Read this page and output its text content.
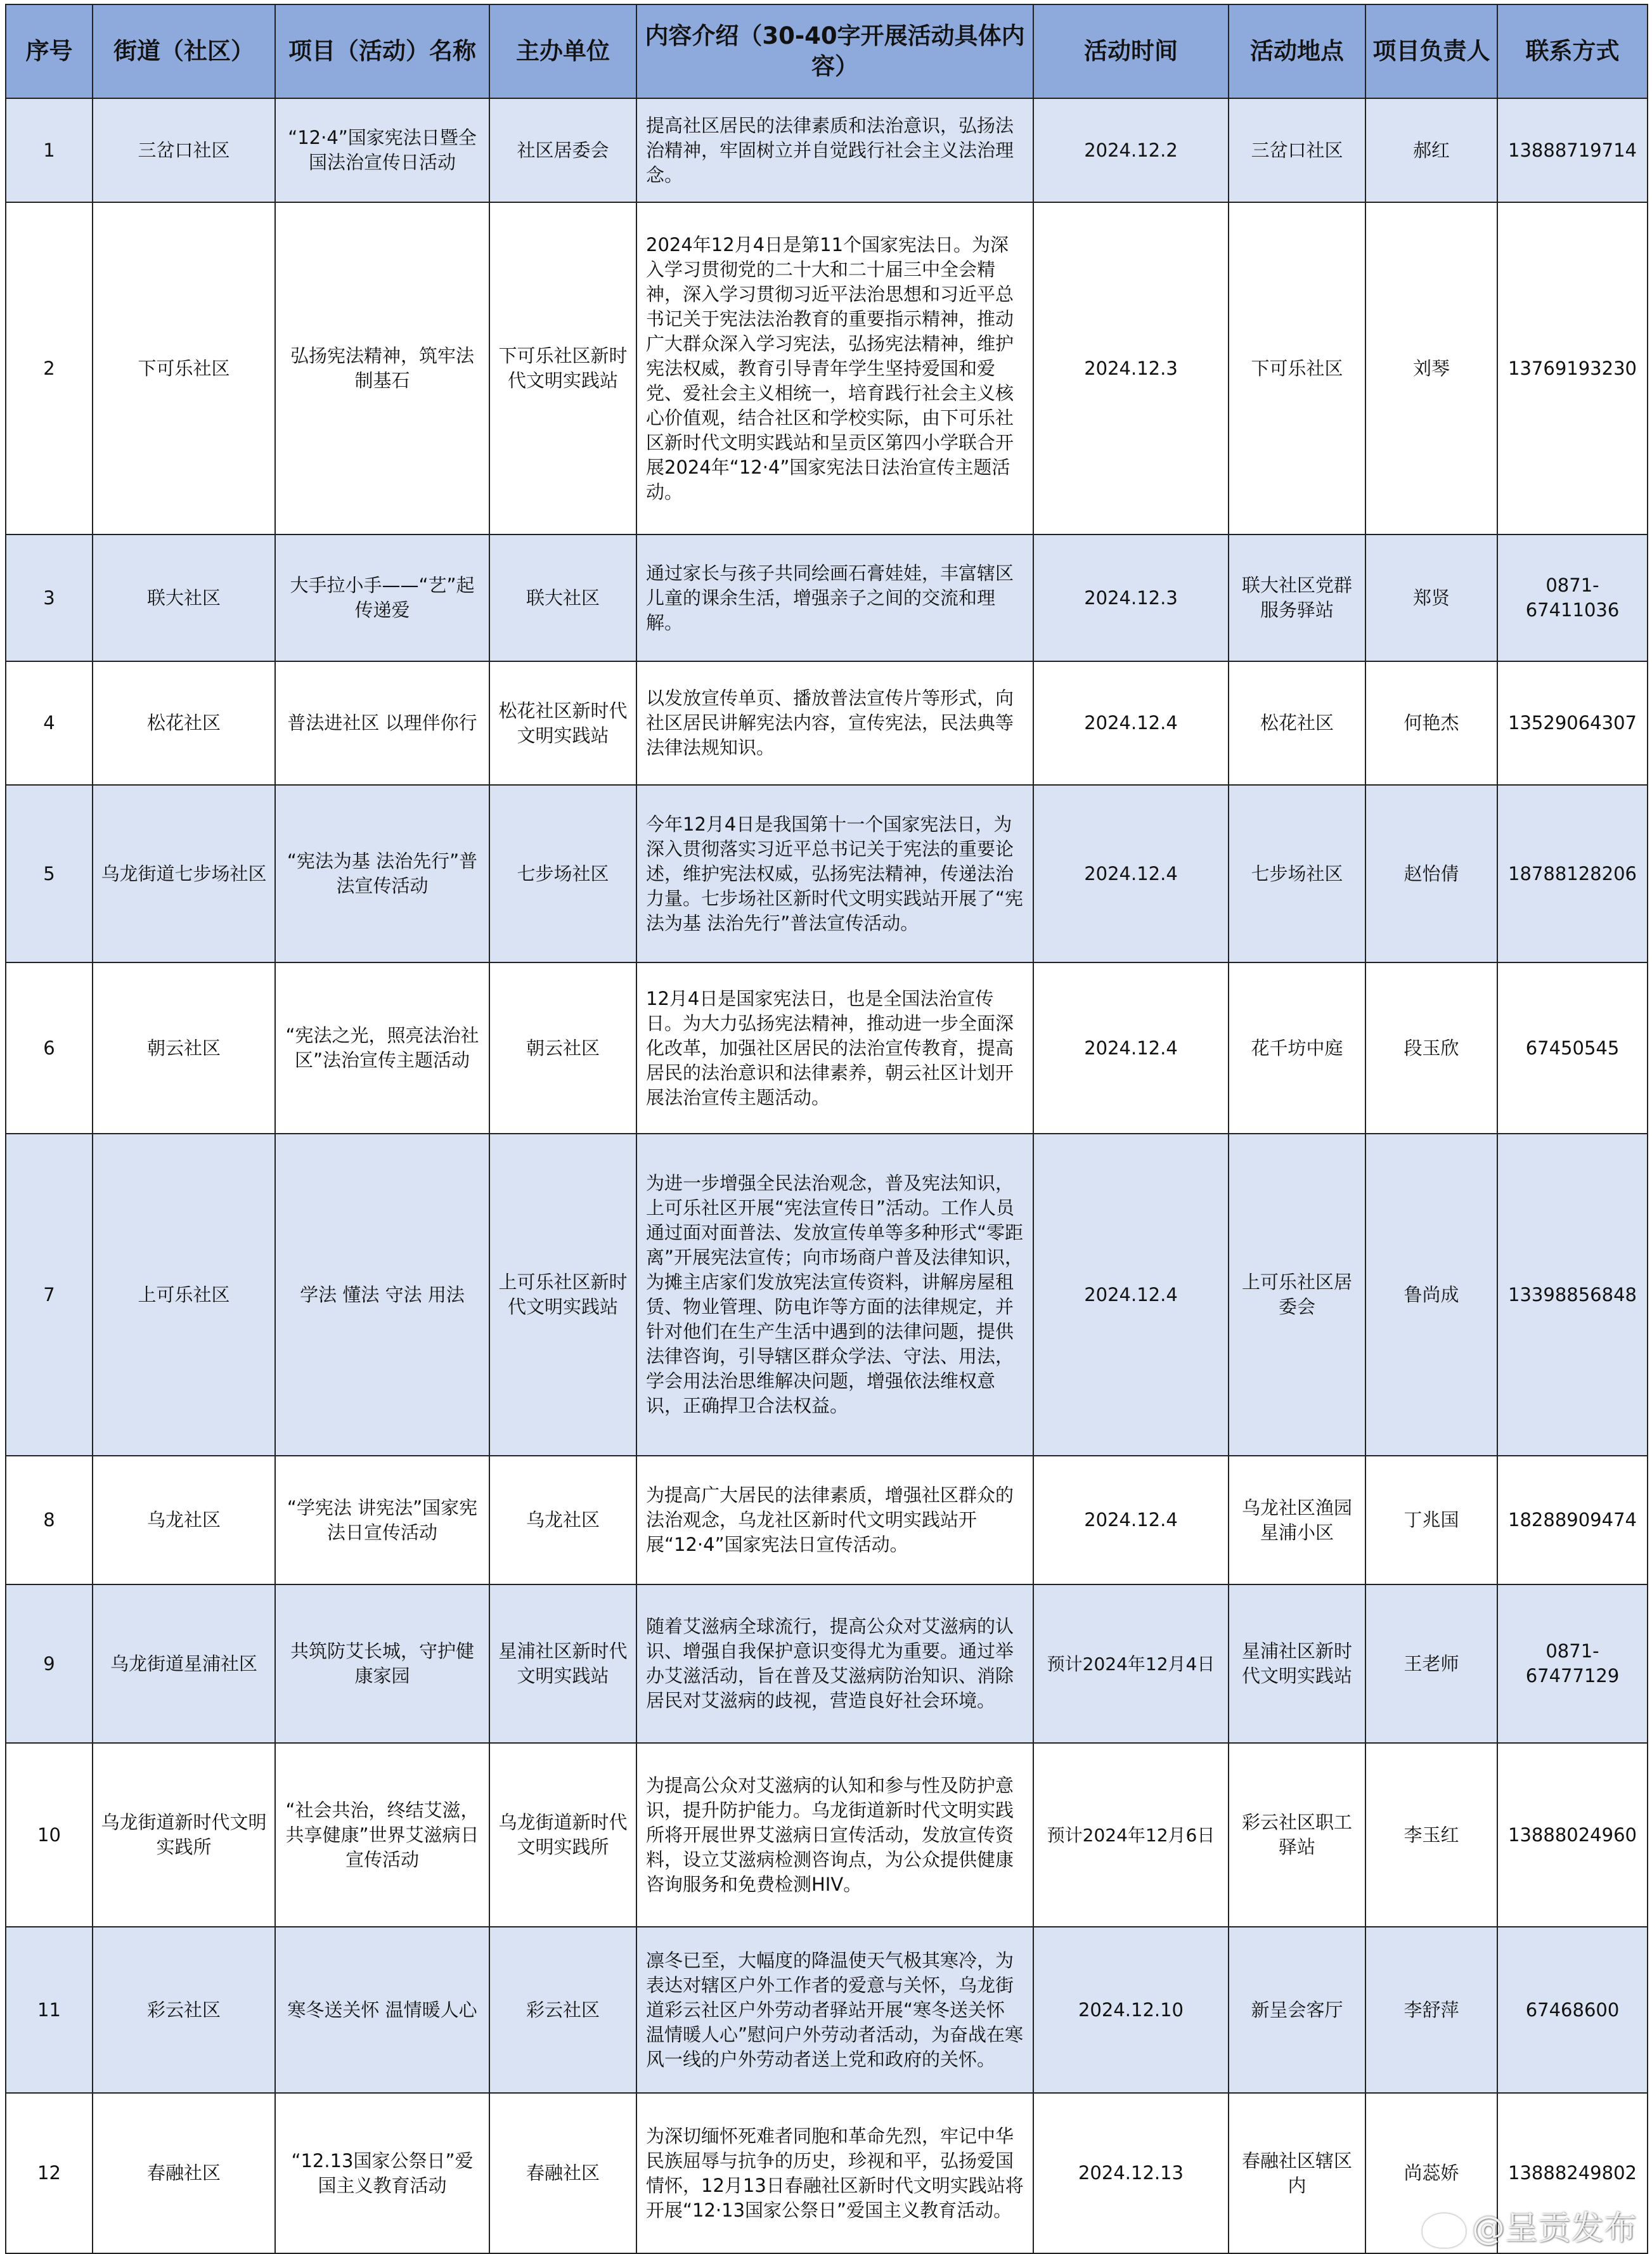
序号	街道（社区）	项目（活动）名称	主办单位	内容介绍（30-40字开展活动具体内容）	活动时间	活动地点	项目负责人	联系方式
1	三岔口社区	“12·4”国家宪法日暨全国法治宣传日活动	社区居委会	提高社区居民的法律素质和法治意识，弘扬法治精神，牢固树立并自觉践行社会主义法治理念。	2024.12.2	三岔口社区	郝红	13888719714
2	下可乐社区	弘扬宪法精神，筑牢法制基石	下可乐社区新时代文明实践站	2024年12月4日是第11个国家宪法日。为深入学习贯彻党的二十大和二十届三中全会精神，深入学习贯彻习近平法治思想和习近平总书记关于宪法法治教育的重要指示精神，推动广大群众深入学习宪法，弘扬宪法精神，维护宪法权威，教育引导青年学生坚持爱国和爱党、爱社会主义相统一，培育践行社会主义核心价值观，结合社区和学校实际，由下可乐社区新时代文明实践站和呈贡区第四小学联合开展2024年“12·4”国家宪法日法治宣传主题活动。	2024.12.3	下可乐社区	刘琴	13769193230
3	联大社区	大手拉小手——“艺”起传递爱	联大社区	通过家长与孩子共同绘画石膏娃娃，丰富辖区儿童的课余生活，增强亲子之间的交流和理解。	2024.12.3	联大社区党群服务驿站	郑贤	0871-67411036
4	松花社区	普法进社区 以理伴你行	松花社区新时代文明实践站	以发放宣传单页、播放普法宣传片等形式，向社区居民讲解宪法内容，宣传宪法，民法典等法律法规知识。	2024.12.4	松花社区	何艳杰	13529064307
5	乌龙街道七步场社区	“宪法为基 法治先行”普法宣传活动	七步场社区	今年12月4日是我国第十一个国家宪法日，为深入贯彻落实习近平总书记关于宪法的重要论述，维护宪法权威，弘扬宪法精神，传递法治力量。七步场社区新时代文明实践站开展了“宪法为基 法治先行”普法宣传活动。	2024.12.4	七步场社区	赵怡倩	18788128206
6	朝云社区	“宪法之光，照亮法治社区”法治宣传主题活动	朝云社区	12月4日是国家宪法日，也是全国法治宣传日。为大力弘扬宪法精神，推动进一步全面深化改革，加强社区居民的法治宣传教育，提高居民的法治意识和法律素养，朝云社区计划开展法治宣传主题活动。	2024.12.4	花千坊中庭	段玉欣	67450545
7	上可乐社区	学法 懂法 守法 用法	上可乐社区新时代文明实践站	为进一步增强全民法治观念，普及宪法知识，上可乐社区开展“宪法宣传日”活动。工作人员通过面对面普法、发放宣传单等多种形式“零距离”开展宪法宣传；向市场商户普及法律知识，为摊主店家们发放宪法宣传资料，讲解房屋租赁、物业管理、防电诈等方面的法律规定，并针对他们在生产生活中遇到的法律问题，提供法律咨询，引导辖区群众学法、守法、用法，学会用法治思维解决问题，增强依法维权意识，正确捍卫合法权益。	2024.12.4	上可乐社区居委会	鲁尚成	13398856848
8	乌龙社区	“学宪法 讲宪法”国家宪法日宣传活动	乌龙社区	为提高广大居民的法律素质，增强社区群众的法治观念，乌龙社区新时代文明实践站开展“12·4”国家宪法日宣传活动。	2024.12.4	乌龙社区渔园星浦小区	丁兆国	18288909474
9	乌龙街道星浦社区	共筑防艾长城，守护健康家园	星浦社区新时代文明实践站	随着艾滋病全球流行，提高公众对艾滋病的认识、增强自我保护意识变得尤为重要。通过举办艾滋活动，旨在普及艾滋病防治知识、消除居民对艾滋病的歧视，营造良好社会环境。	预计2024年12月4日	星浦社区新时代文明实践站	王老师	0871-67477129
10	乌龙街道新时代文明实践所	“社会共治，终结艾滋，共享健康”世界艾滋病日宣传活动	乌龙街道新时代文明实践所	为提高公众对艾滋病的认知和参与性及防护意识，提升防护能力。乌龙街道新时代文明实践所将开展世界艾滋病日宣传活动，发放宣传资料，设立艾滋病检测咨询点，为公众提供健康咨询服务和免费检测HIV。	预计2024年12月6日	彩云社区职工驿站	李玉红	13888024960
11	彩云社区	寒冬送关怀 温情暖人心	彩云社区	凛冬已至，大幅度的降温使天气极其寒冷，为表达对辖区户外工作者的爱意与关怀，乌龙街道彩云社区户外劳动者驿站开展“寒冬送关怀 温情暖人心”慰问户外劳动者活动，为奋战在寒风一线的户外劳动者送上党和政府的关怀。	2024.12.10	新呈会客厅	李舒萍	67468600
12	春融社区	“12.13国家公祭日”爱国主义教育活动	春融社区	为深切缅怀死难者同胞和革命先烈，牢记中华民族屈辱与抗争的历史，珍视和平，弘扬爱国情怀，12月13日春融社区新时代文明实践站将开展“12·13国家公祭日”爱国主义教育活动。	2024.12.13	春融社区辖区内	尚蕊娇	13888249802
@呈贡发布
